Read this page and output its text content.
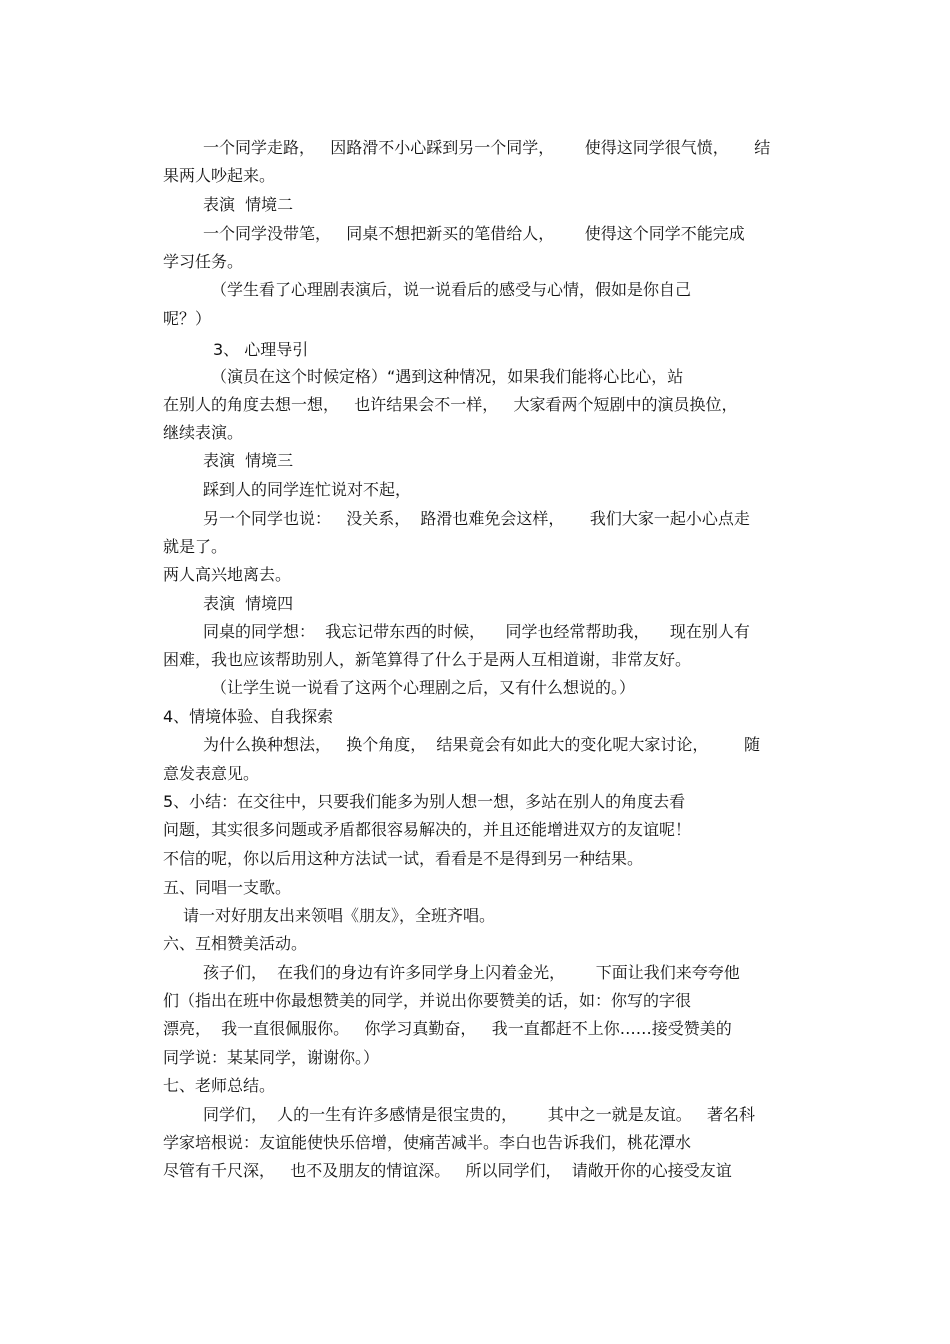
一个同学走路，   因路滑不小心踩到另一个同学，      使得这同学很气愤，     结
果两人吵起来。
表演  情境二
一个同学没带笔，   同桌不想把新买的笔借给人，      使得这个同学不能完成
学习任务。
（学生看了心理剧表演后，说一说看后的感受与心情，假如是你自己
呢？）
3、 心理导引
（演员在这个时候定格）“遇到这种情况，如果我们能将心比心，站
在别人的角度去想一想，   也许结果会不一样，   大家看两个短剧中的演员换位，
继续表演。
表演  情境三
踩到人的同学连忙说对不起，
另一个同学也说：   没关系，  路滑也难免会这样，     我们大家一起小心点走
就是了。
两人高兴地离去。
表演  情境四
同桌的同学想：  我忘记带东西的时候，    同学也经常帮助我，    现在别人有
困难，我也应该帮助别人，新笔算得了什么于是两人互相道谢，非常友好。
（让学生说一说看了这两个心理剧之后，又有什么想说的。）
4、情境体验、自我探索
为什么换种想法，   换个角度，  结果竟会有如此大的变化呢大家讨论，       随
意发表意见。
5、小结：在交往中，只要我们能多为别人想一想，多站在别人的角度去看
问题，其实很多问题或矛盾都很容易解决的，并且还能增进双方的友谊呢！
不信的呢，你以后用这种方法试一试，看看是不是得到另一种结果。
五、同唱一支歌。
请一对好朋友出来领唱《朋友》，全班齐唱。
六、互相赞美活动。
孩子们，  在我们的身边有许多同学身上闪着金光，      下面让我们来夸夸他
们（指出在班中你最想赞美的同学，并说出你要赞美的话，如：你写的字很
漂亮，  我一直很佩服你。   你学习真勤奋，   我一直都赶不上你……接受赞美的
同学说：某某同学，谢谢你。）
七、老师总结。
同学们，  人的一生有许多感情是很宝贵的，      其中之一就是友谊。   著名科
学家培根说：友谊能使快乐倍增，使痛苦减半。李白也告诉我们，桃花潭水
尽管有千尺深，   也不及朋友的情谊深。   所以同学们，  请敞开你的心接受友谊
